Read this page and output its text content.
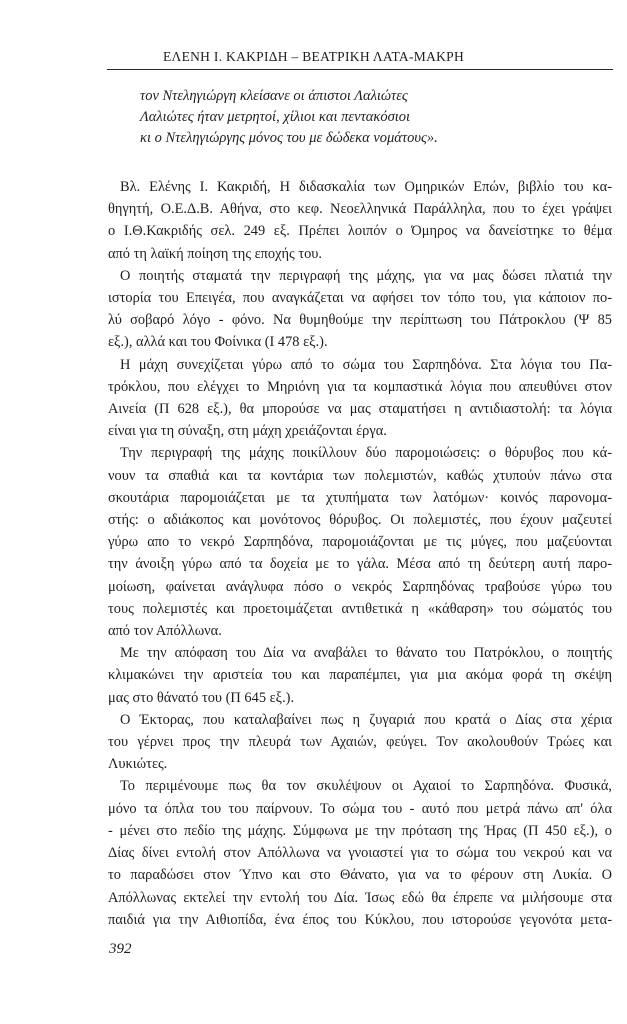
ΕΛΕΝΗ Ι. ΚΑΚΡΙΔΗ – ΒΕΑΤΡΙΚΗ ΛΑΤΑ-ΜΑΚΡΗ
τον Ντεληγιώργη κλείσανε οι άπιστοι Λαλιώτες
Λαλιώτες ήταν μετρητοί, χίλιοι και πεντακόσιοι
κι ο Ντεληγιώργης μόνος του με δώδεκα νομάτους».

Βλ. Ελένης Ι. Κακριδή, Η διδασκαλία των Ομηρικών Επών, βιβλίο του κα-
θηγητή, Ο.Ε.Δ.Β. Αθήνα, στο κεφ. Νεοελληνικά Παράλληλα, που το έχει γράψει
ο Ι.Θ.Κακριδής σελ. 249 εξ. Πρέπει λοιπόν ο Όμηρος να δανείστηκε το θέμα
από τη λαϊκή ποίηση της εποχής του.

Ο ποιητής σταματά την περιγραφή της μάχης, για να μας δώσει πλατιά την
ιστορία του Επειγέα, που αναγκάζεται να αφήσει τον τόπο του, για κάποιον πο-
λύ σοβαρό λόγο - φόνο. Να θυμηθούμε την περίπτωση του Πάτροκλου (Ψ 85
εξ.), αλλά και του Φοίνικα (Ι 478 εξ.).

Η μάχη συνεχίζεται γύρω από το σώμα του Σαρπηδόνα. Στα λόγια του Πα-
τρόκλου, που ελέγχει το Μηριόνη για τα κομπαστικά λόγια που απευθύνει στον
Αινεία (Π 628 εξ.), θα μπορούσε να μας σταματήσει η αντιδιαστολή: τα λόγια
είναι για τη σύναξη, στη μάχη χρειάζονται έργα.

Την περιγραφή της μάχης ποικίλλουν δύο παρομοιώσεις: ο θόρυβος που κά-
νουν τα σπαθιά και τα κοντάρια των πολεμιστών, καθώς χτυπούν πάνω στα
σκουτάρια παρομοιάζεται με τα χτυπήματα των λατόμων· κοινός παρονομα-
στής: ο αδιάκοπος και μονότονος θόρυβος. Οι πολεμιστές, που έχουν μαζευτεί
γύρω απο το νεκρό Σαρπηδόνα, παρομοιάζονται με τις μύγες, που μαζεύονται
την άνοιξη γύρω από τα δοχεία με το γάλα. Μέσα από τη δεύτερη αυτή παρο-
μοίωση, φαίνεται ανάγλυφα πόσο ο νεκρός Σαρπηδόνας τραβούσε γύρω του
τους πολεμιστές και προετοιμάζεται αντιθετικά η «κάθαρση» του σώματός του
από τον Απόλλωνα.

Με την απόφαση του Δία να αναβάλει το θάνατο του Πατρόκλου, ο ποιητής
κλιμακώνει την αριστεία του και παραπέμπει, για μια ακόμα φορά τη σκέψη
μας στο θάνατό του (Π 645 εξ.).

Ο Έκτορας, που καταλαβαίνει πως η ζυγαριά που κρατά ο Δίας στα χέρια
του γέρνει προς την πλευρά των Αχαιών, φεύγει. Τον ακολουθούν Τρώες και
Λυκιώτες.

Το περιμένουμε πως θα τον σκυλέψουν οι Αχαιοί το Σαρπηδόνα. Φυσικά,
μόνο τα όπλα του του παίρνουν. Το σώμα του - αυτό που μετρά πάνω απ' όλα
- μένει στο πεδίο της μάχης. Σύμφωνα με την πρόταση της Ήρας (Π 450 εξ.), ο
Δίας δίνει εντολή στον Απόλλωνα να γνοιαστεί για το σώμα του νεκρού και να
το παραδώσει στον Ύπνο και στο Θάνατο, για να το φέρουν στη Λυκία. Ο
Απόλλωνας εκτελεί την εντολή του Δία. Ίσως εδώ θα έπρεπε να μιλήσουμε στα
παιδιά για την Αιθιοπίδα, ένα έπος του Κύκλου, που ιστορούσε γεγονότα μετα-

392
